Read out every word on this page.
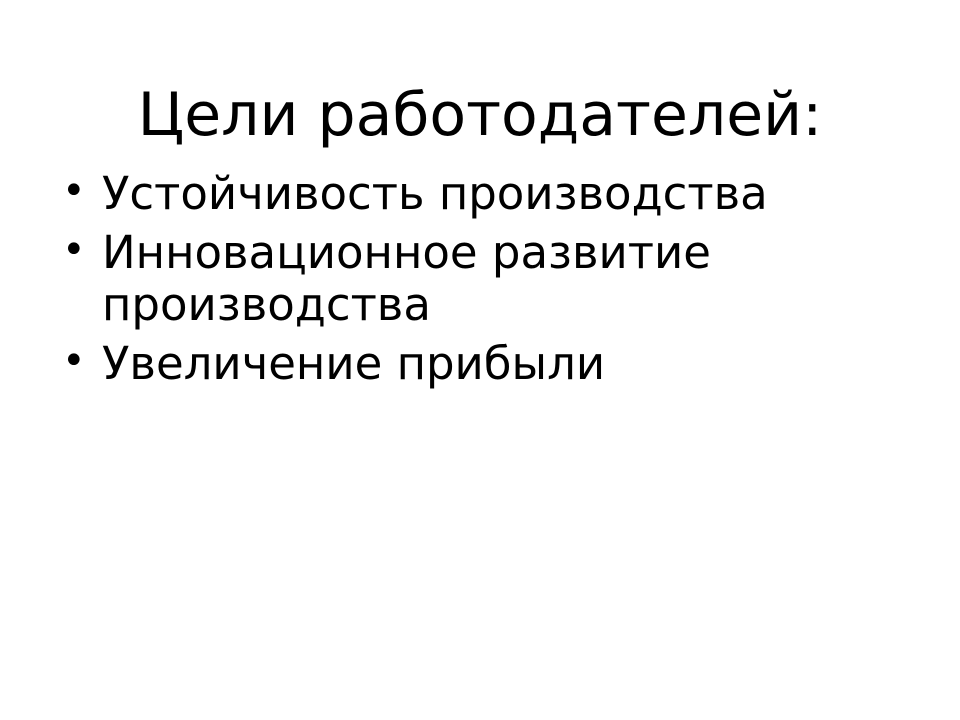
Цели работодателей:
• Устойчивость производства
• Инновационное развитие производства
• Увеличение прибыли
